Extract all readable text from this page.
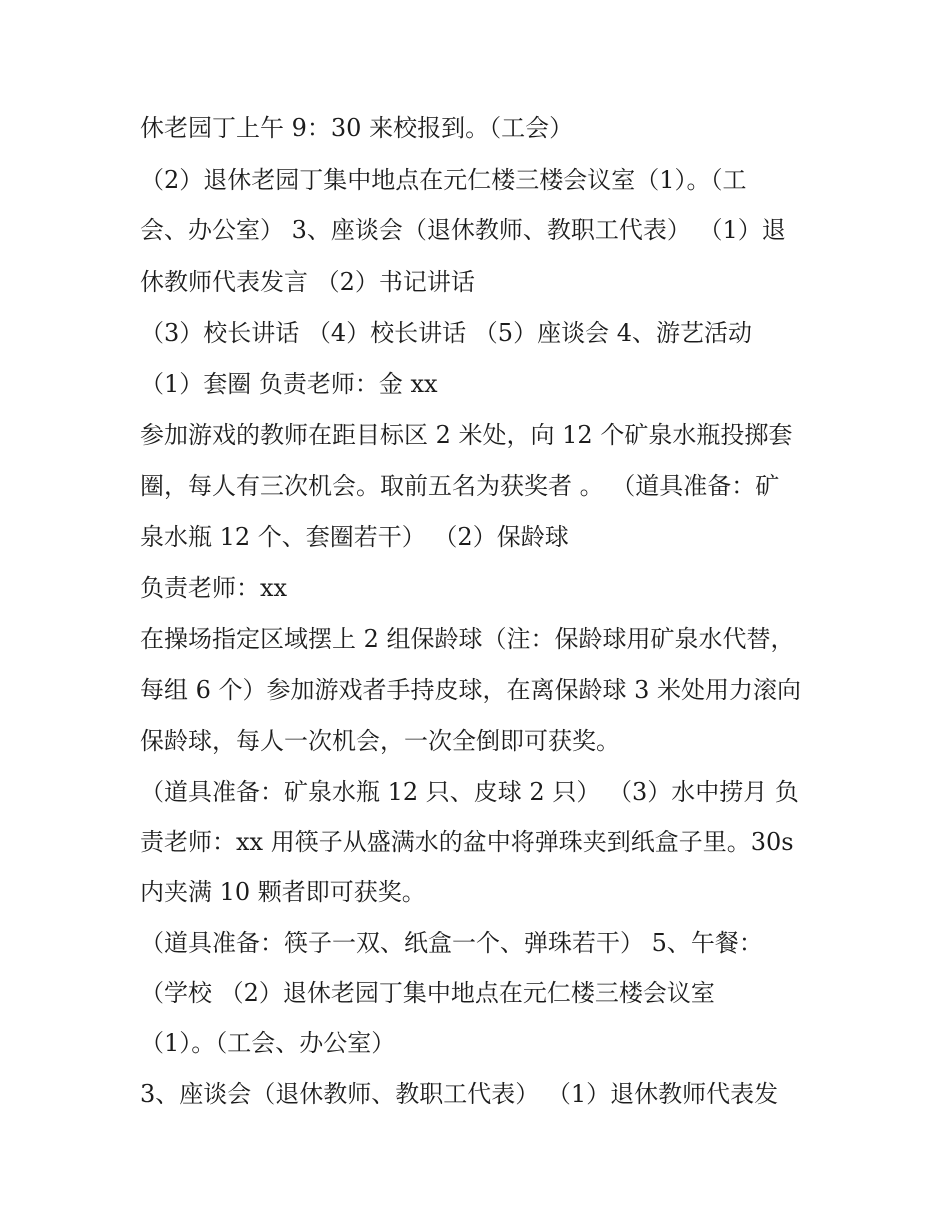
休老园丁上午 9：30 来校报到。（工会）

（2）退休老园丁集中地点在元仁楼三楼会议室（1）。（工

会、办公室） 3、座谈会（退休教师、教职工代表） （1）退

休教师代表发言 （2）书记讲话

（3）校长讲话 （4）校长讲话 （5）座谈会 4、游艺活动

（1）套圈 负责老师：金 xx

参加游戏的教师在距目标区 2 米处，向 12 个矿泉水瓶投掷套

圈，每人有三次机会。取前五名为获奖者 。 （道具准备：矿

泉水瓶 12 个、套圈若干） （2）保龄球

负责老师：xx

在操场指定区域摆上 2 组保龄球（注：保龄球用矿泉水代替，

每组 6 个）参加游戏者手持皮球，在离保龄球 3 米处用力滚向

保龄球，每人一次机会，一次全倒即可获奖。

（道具准备：矿泉水瓶 12 只、皮球 2 只） （3）水中捞月 负

责老师：xx 用筷子从盛满水的盆中将弹珠夹到纸盒子里。30s

内夹满 10 颗者即可获奖。

（道具准备：筷子一双、纸盒一个、弹珠若干） 5、午餐：

（学校 （2）退休老园丁集中地点在元仁楼三楼会议室

（1）。（工会、办公室）

3、座谈会（退休教师、教职工代表） （1）退休教师代表发
